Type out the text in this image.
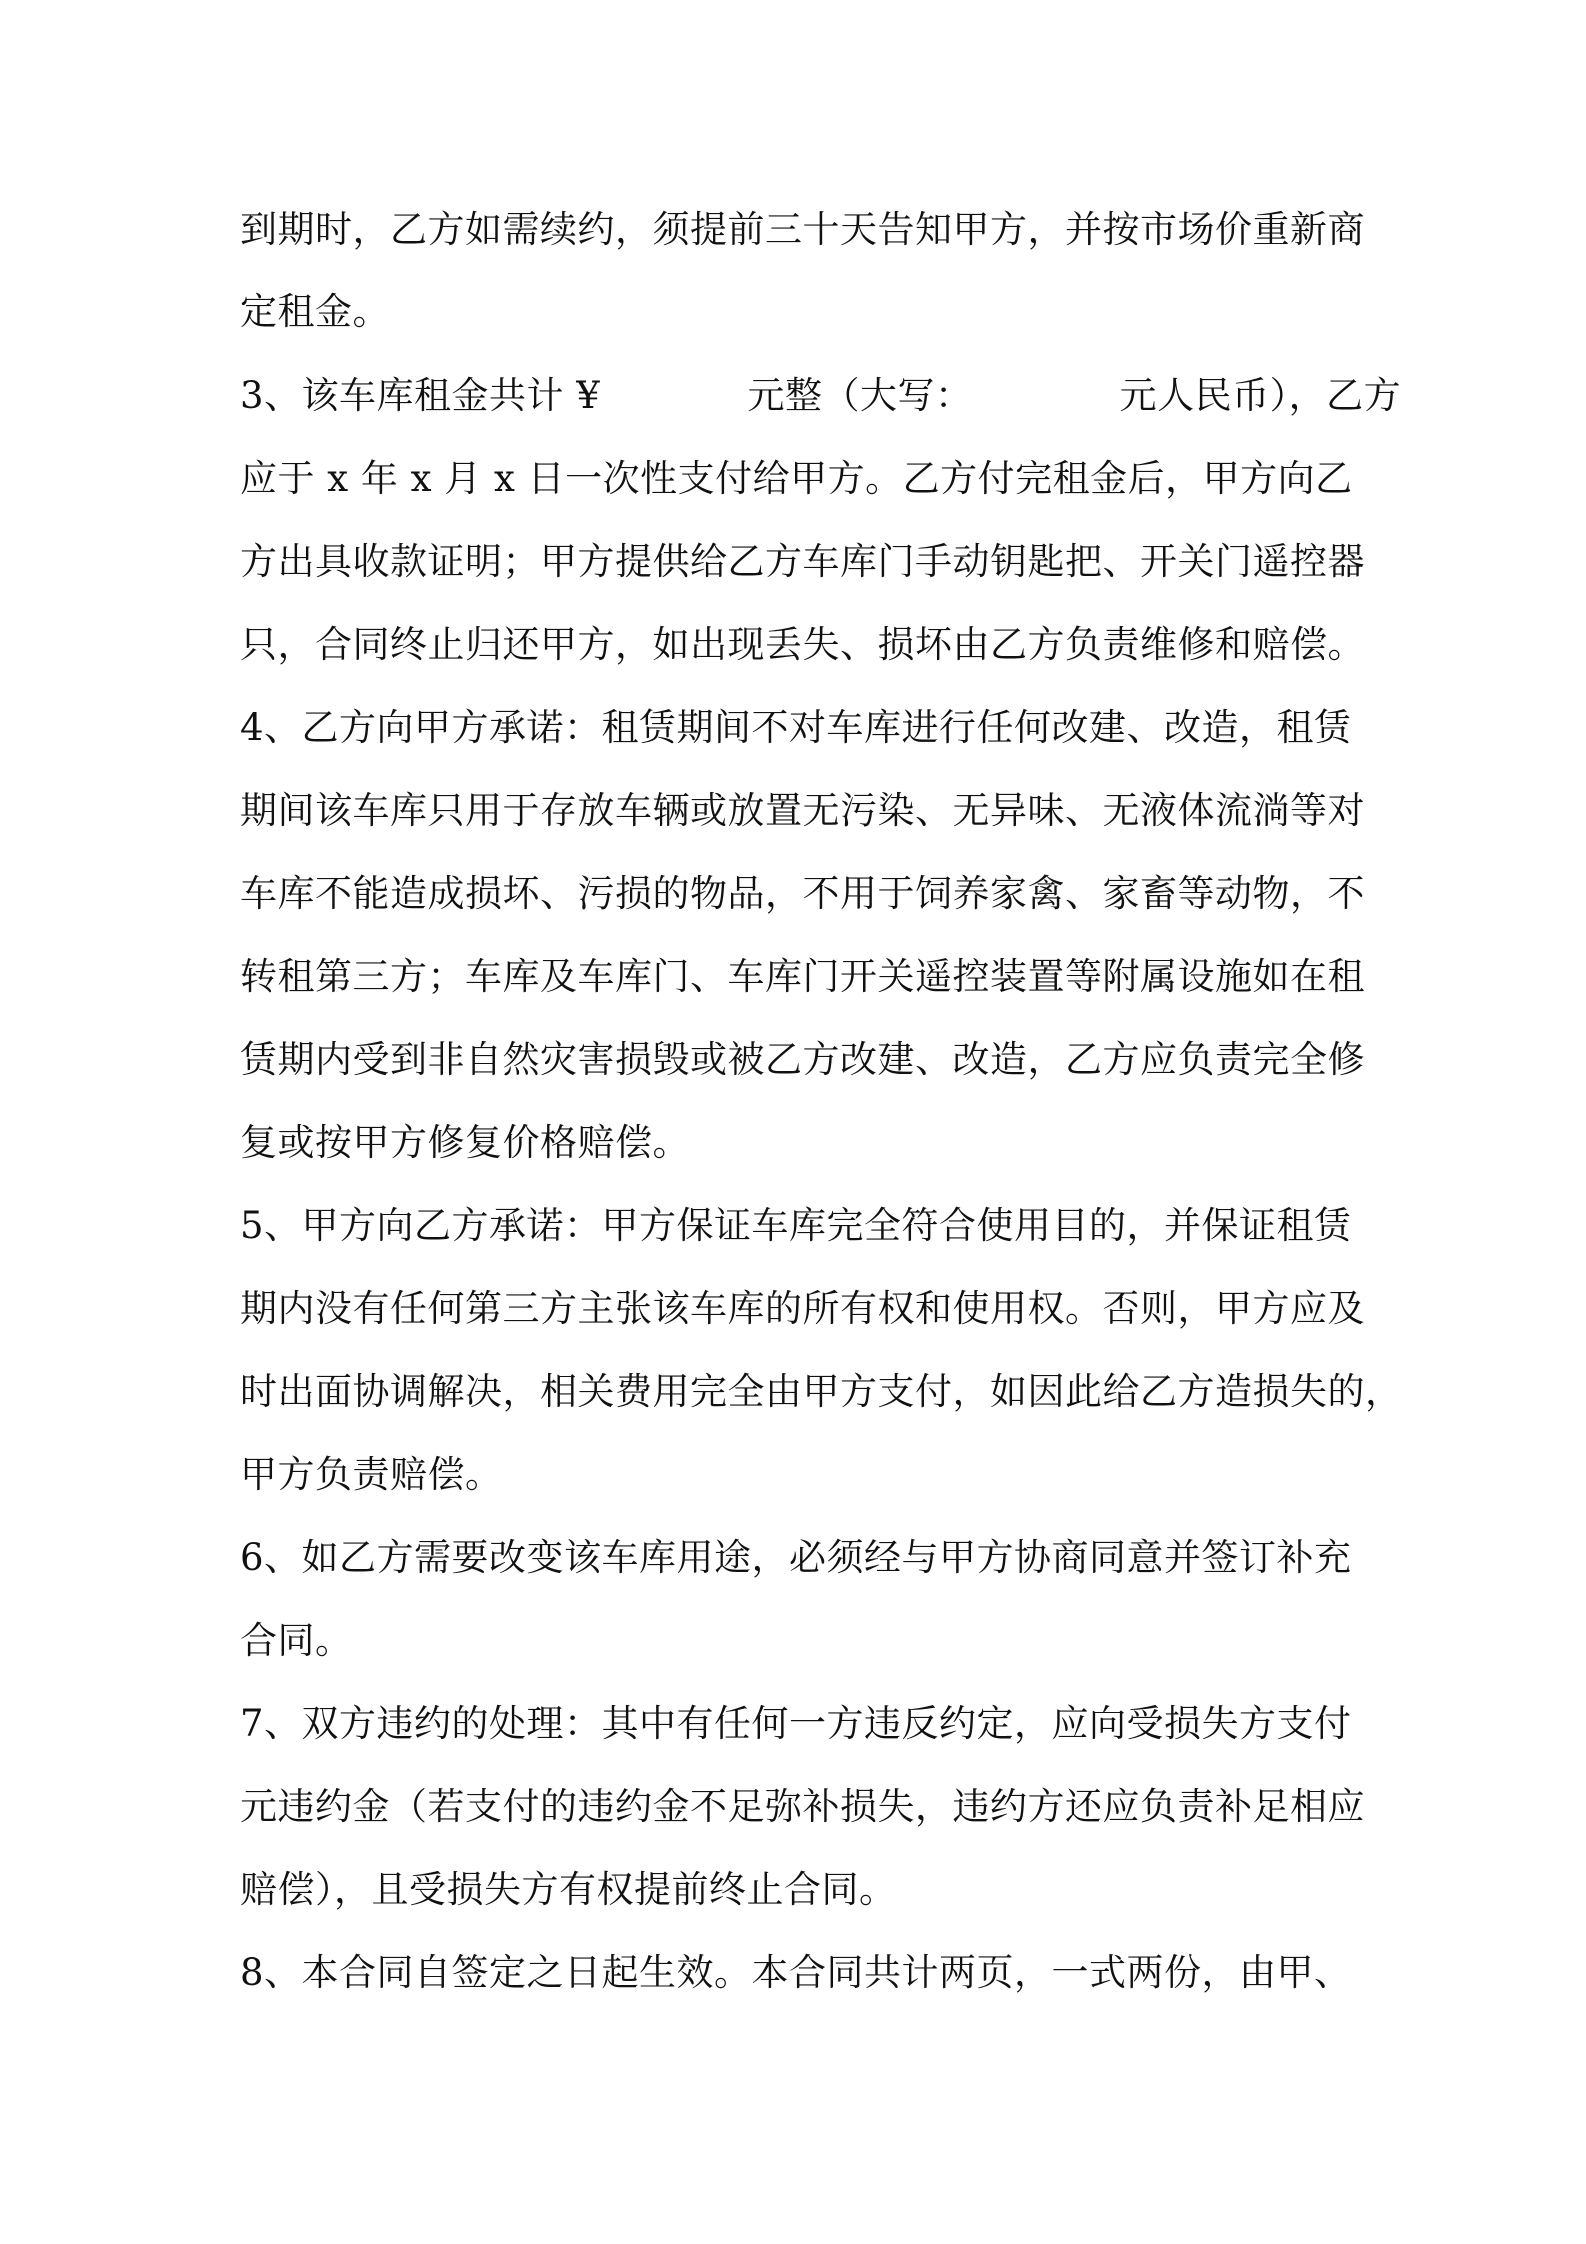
到期时，乙方如需续约，须提前三十天告知甲方，并按市场价重新商
定租金。
3、该车库租金共计 ¥            元整（大写：            元人民币），乙方
应于 x 年 x 月 x 日一次性支付给甲方。乙方付完租金后，甲方向乙
方出具收款证明；甲方提供给乙方车库门手动钥匙把、开关门遥控器
只，合同终止归还甲方，如出现丢失、损坏由乙方负责维修和赔偿。
4、乙方向甲方承诺：租赁期间不对车库进行任何改建、改造，租赁
期间该车库只用于存放车辆或放置无污染、无异味、无液体流淌等对
车库不能造成损坏、污损的物品，不用于饲养家禽、家畜等动物，不
转租第三方；车库及车库门、车库门开关遥控装置等附属设施如在租
赁期内受到非自然灾害损毁或被乙方改建、改造，乙方应负责完全修
复或按甲方修复价格赔偿。
5、甲方向乙方承诺：甲方保证车库完全符合使用目的，并保证租赁
期内没有任何第三方主张该车库的所有权和使用权。否则，甲方应及
时出面协调解决，相关费用完全由甲方支付，如因此给乙方造损失的，
甲方负责赔偿。
6、如乙方需要改变该车库用途，必须经与甲方协商同意并签订补充
合同。
7、双方违约的处理：其中有任何一方违反约定，应向受损失方支付
元违约金（若支付的违约金不足弥补损失，违约方还应负责补足相应
赔偿），且受损失方有权提前终止合同。
8、本合同自签定之日起生效。本合同共计两页，一式两份，由甲、
